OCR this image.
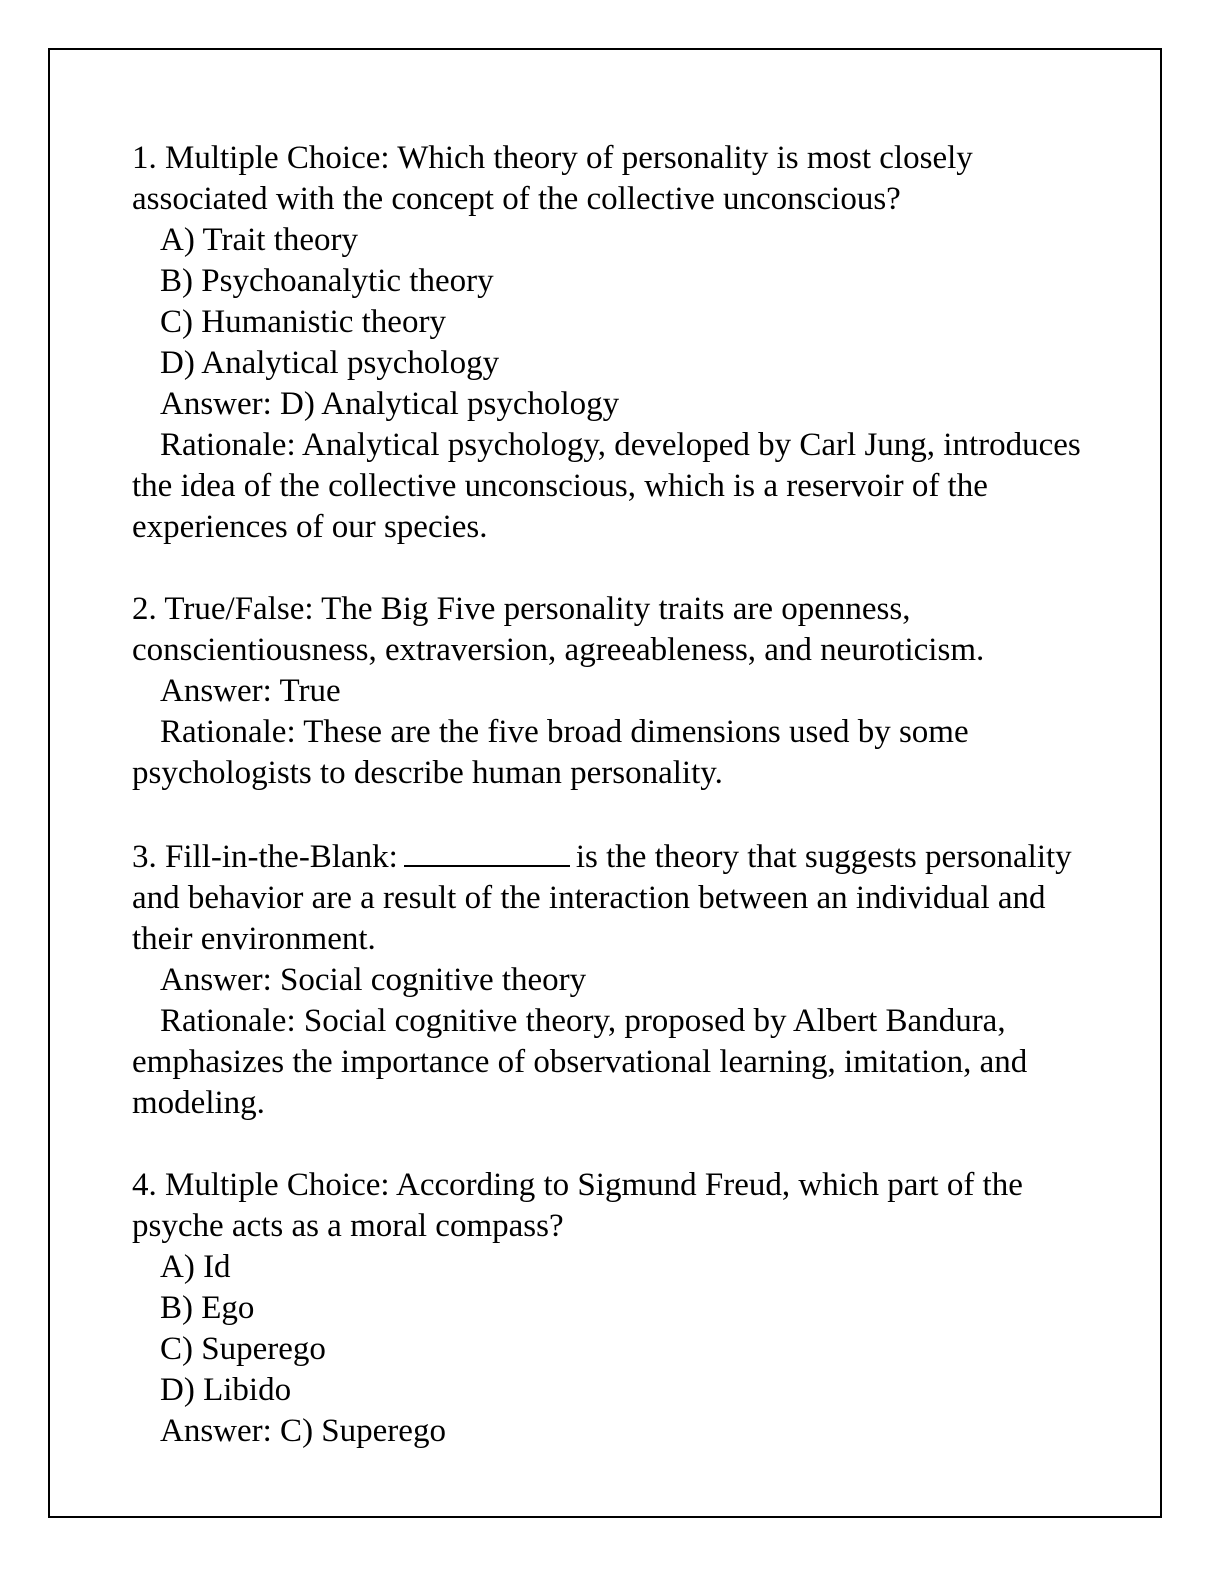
1. Multiple Choice: Which theory of personality is most closely associated with the concept of the collective unconscious?
A) Trait theory
B) Psychoanalytic theory
C) Humanistic theory
D) Analytical psychology
Answer: D) Analytical psychology
Rationale: Analytical psychology, developed by Carl Jung, introduces the idea of the collective unconscious, which is a reservoir of the experiences of our species.
2. True/False: The Big Five personality traits are openness, conscientiousness, extraversion, agreeableness, and neuroticism.
Answer: True
Rationale: These are the five broad dimensions used by some psychologists to describe human personality.
3. Fill-in-the-Blank:	is the theory that suggests personality and behavior are a result of the interaction between an individual and their environment.
Answer: Social cognitive theory
Rationale: Social cognitive theory, proposed by Albert Bandura, emphasizes the importance of observational learning, imitation, and modeling.
4. Multiple Choice: According to Sigmund Freud, which part of the psyche acts as a moral compass?
A) Id
B) Ego
C) Superego
D) Libido
Answer: C) Superego
